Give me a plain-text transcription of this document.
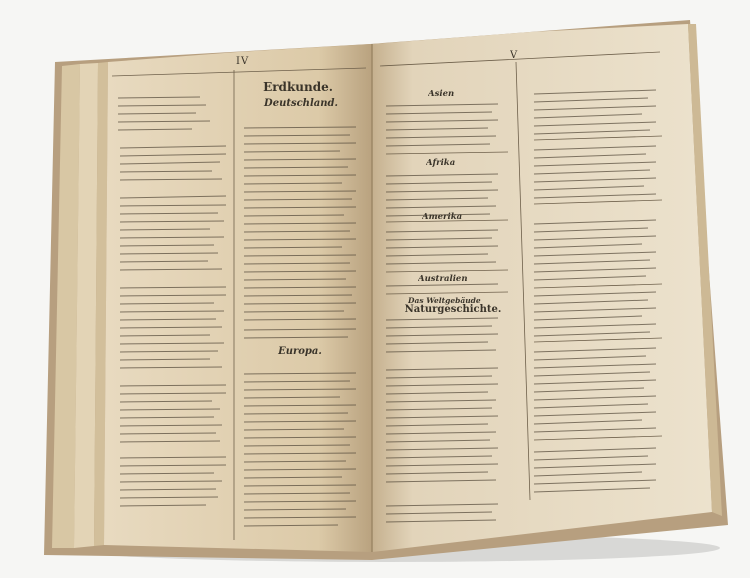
IV
Erdkunde.
Deutschland.
Europa.
V
Asien
Afrika
Amerika
Australien
Das Weltgebäude
Naturgeschichte.
